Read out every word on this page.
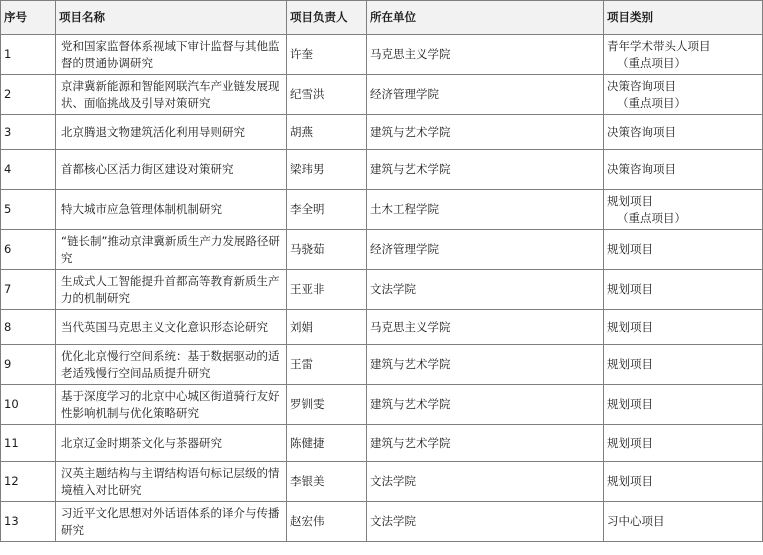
序号	项目名称	项目负责人	所在单位	项目类别
1	党和国家监督体系视域下审计监督与其他监督的贯通协调研究	许奎	马克思主义学院	青年学术带头人项目
（重点项目）

2	京津冀新能源和智能网联汽车产业链发展现状、面临挑战及引导对策研究	纪雪洪	经济管理学院	决策咨询项目
（重点项目）

3	北京腾退文物建筑活化利用导则研究	胡燕	建筑与艺术学院	决策咨询项目
4	首都核心区活力街区建设对策研究	梁玮男	建筑与艺术学院	决策咨询项目
5	特大城市应急管理体制机制研究	李全明	土木工程学院	规划项目
（重点项目）

6	“链长制”推动京津冀新质生产力发展路径研究	马骁茹	经济管理学院	规划项目
7	生成式人工智能提升首都高等教育新质生产力的机制研究	王亚非	文法学院	规划项目
8	当代英国马克思主义文化意识形态论研究	刘娟	马克思主义学院	规划项目
9	优化北京慢行空间系统：基于数据驱动的适老适残慢行空间品质提升研究	王雷	建筑与艺术学院	规划项目
10	基于深度学习的北京中心城区街道骑行友好性影响机制与优化策略研究	罗钏雯	建筑与艺术学院	规划项目
11	北京辽金时期茶文化与茶器研究	陈健捷	建筑与艺术学院	规划项目
12	汉英主题结构与主谓结构语句标记层级的情境植入对比研究	李银美	文法学院	规划项目
13	习近平文化思想对外话语体系的译介与传播研究	赵宏伟	文法学院	习中心项目
